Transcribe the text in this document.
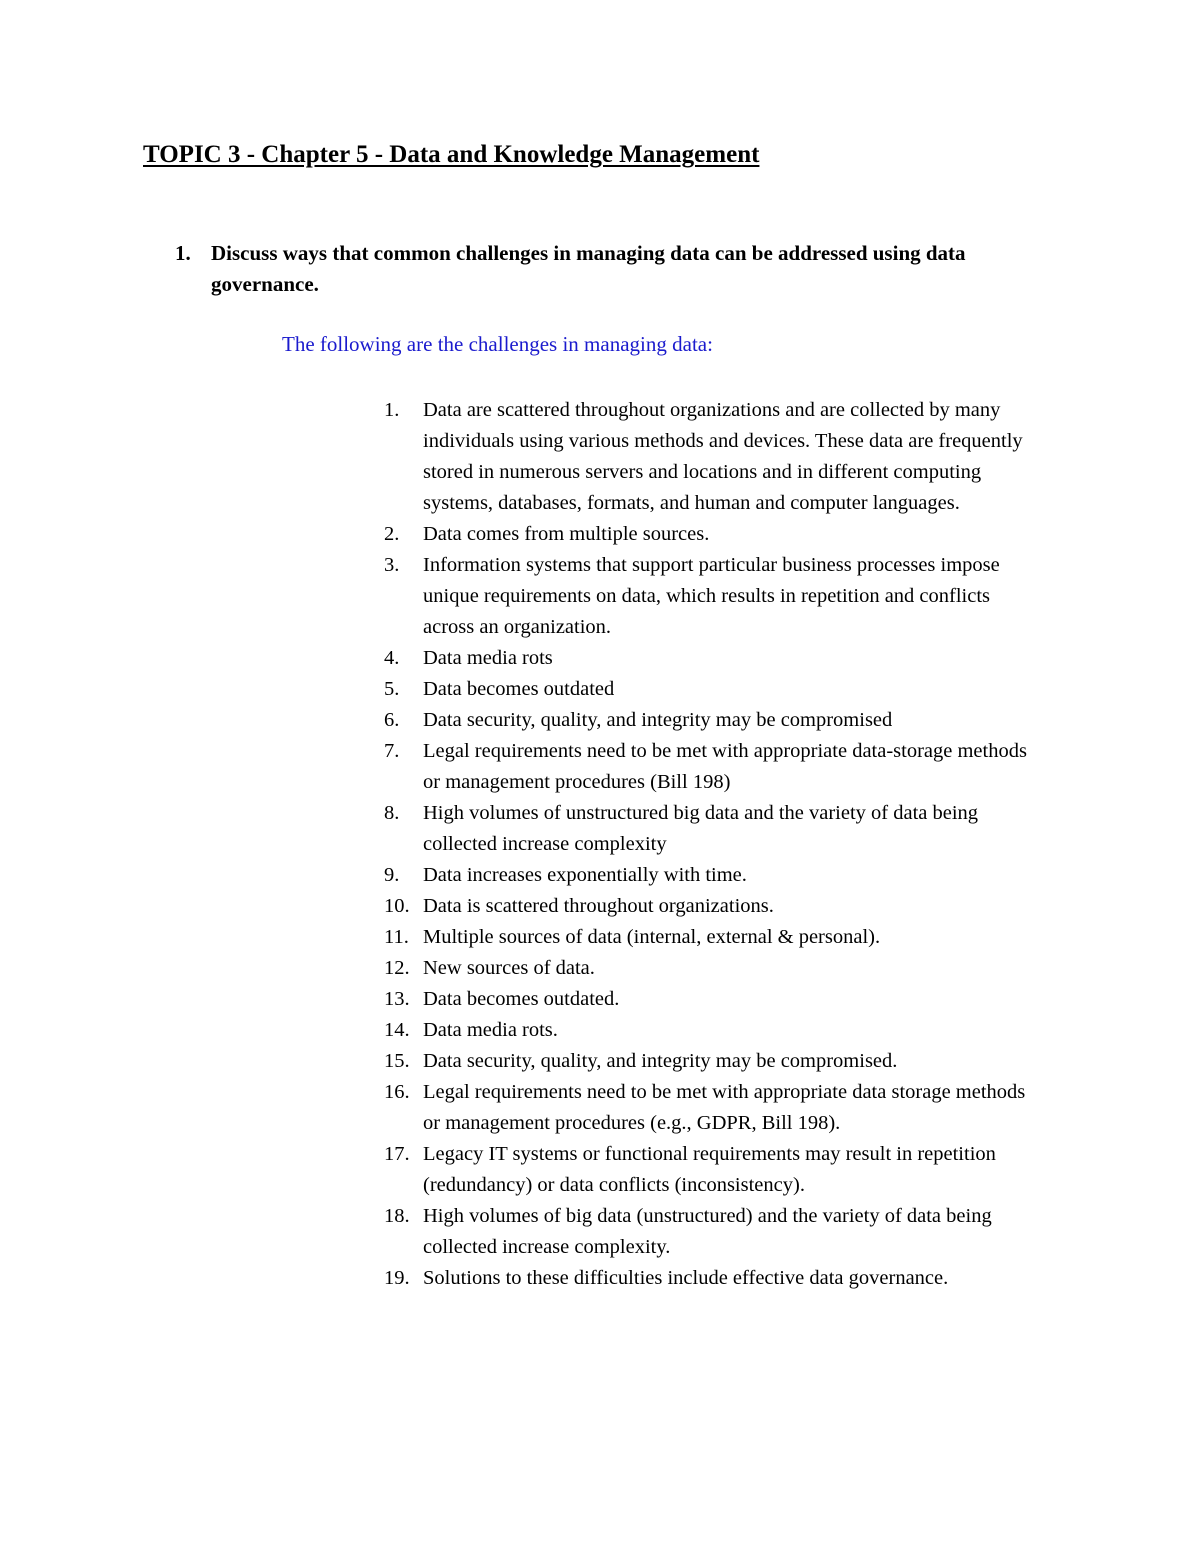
TOPIC 3 - Chapter 5 - Data and Knowledge Management
1. Discuss ways that common challenges in managing data can be addressed using data governance.
The following are the challenges in managing data:
1. Data are scattered throughout organizations and are collected by many individuals using various methods and devices. These data are frequently stored in numerous servers and locations and in different computing systems, databases, formats, and human and computer languages.
2. Data comes from multiple sources.
3. Information systems that support particular business processes impose unique requirements on data, which results in repetition and conflicts across an organization.
4. Data media rots
5. Data becomes outdated
6. Data security, quality, and integrity may be compromised
7. Legal requirements need to be met with appropriate data-storage methods or management procedures (Bill 198)
8. High volumes of unstructured big data and the variety of data being collected increase complexity
9. Data increases exponentially with time.
10. Data is scattered throughout organizations.
11. Multiple sources of data (internal, external & personal).
12. New sources of data.
13. Data becomes outdated.
14. Data media rots.
15. Data security, quality, and integrity may be compromised.
16. Legal requirements need to be met with appropriate data storage methods or management procedures (e.g., GDPR, Bill 198).
17. Legacy IT systems or functional requirements may result in repetition (redundancy) or data conflicts (inconsistency).
18. High volumes of big data (unstructured) and the variety of data being collected increase complexity.
19. Solutions to these difficulties include effective data governance.
